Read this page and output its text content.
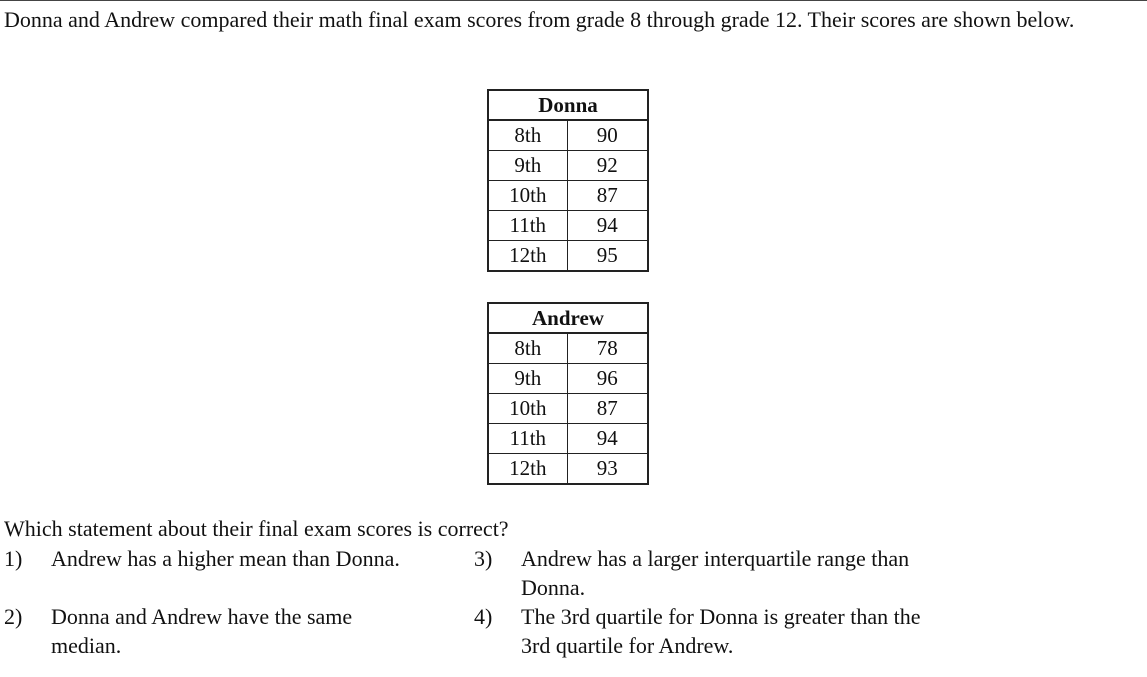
Donna and Andrew compared their math final exam scores from grade 8 through grade 12. Their scores are shown below.

Donna	
8th	90
9th	92
10th	87
11th	94
12th	95
Andrew	
8th	78
9th	96
10th	87
11th	94
12th	93

Which statement about their final exam scores is correct?

1) Andrew has a higher mean than Donna.
2) Donna and Andrew have the same median.
3) Andrew has a larger interquartile range than Donna.
4) The 3rd quartile for Donna is greater than the 3rd quartile for Andrew.
